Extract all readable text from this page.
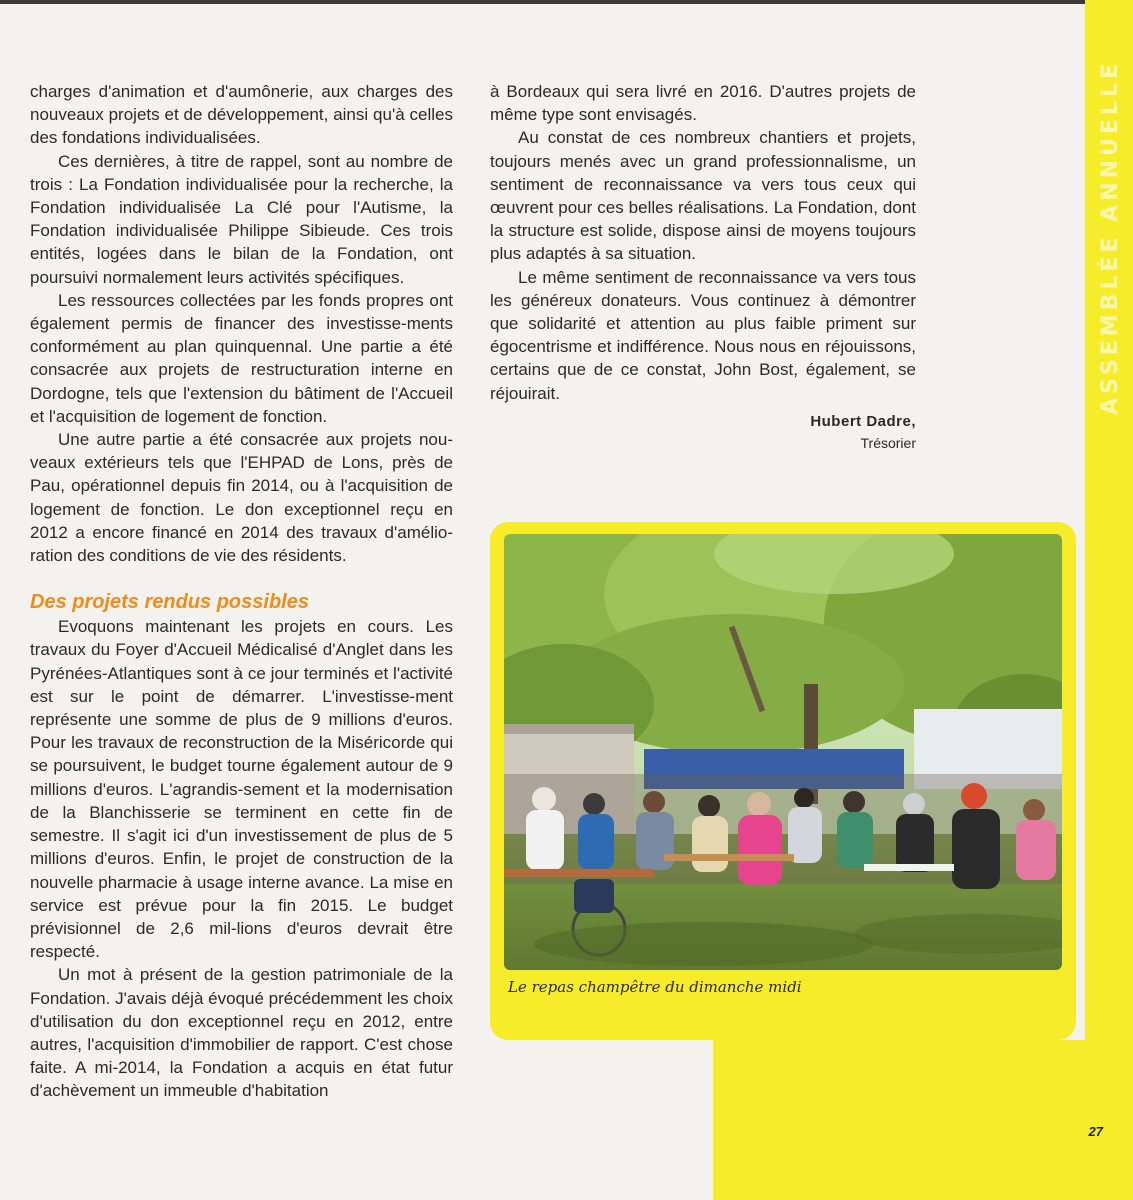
ASSEMBLÉE ANNUELLE

charges d'animation et d'aumônerie, aux charges des nouveaux projets et de développement, ainsi qu'à celles des fondations individualisées.

Ces dernières, à titre de rappel, sont au nombre de trois : La Fondation individualisée pour la recherche, la Fondation individualisée La Clé pour l'Autisme, la Fondation individualisée Philippe Sibieude. Ces trois entités, logées dans le bilan de la Fondation, ont poursuivi normalement leurs activités spécifiques.

Les ressources collectées par les fonds propres ont également permis de financer des investisse-ments conformément au plan quinquennal. Une partie a été consacrée aux projets de restructuration interne en Dordogne, tels que l'extension du bâtiment de l'Accueil et l'acquisition de logement de fonction.

Une autre partie a été consacrée aux projets nou-veaux extérieurs tels que l'EHPAD de Lons, près de Pau, opérationnel depuis fin 2014, ou à l'acquisition de logement de fonction. Le don exceptionnel reçu en 2012 a encore financé en 2014 des travaux d'amélio-ration des conditions de vie des résidents.

Des projets rendus possibles

Evoquons maintenant les projets en cours. Les travaux du Foyer d'Accueil Médicalisé d'Anglet dans les Pyrénées-Atlantiques sont à ce jour terminés et l'activité est sur le point de démarrer. L'investisse-ment représente une somme de plus de 9 millions d'euros. Pour les travaux de reconstruction de la Miséricorde qui se poursuivent, le budget tourne également autour de 9 millions d'euros. L'agrandis-sement et la modernisation de la Blanchisserie se terminent en cette fin de semestre. Il s'agit ici d'un investissement de plus de 5 millions d'euros. Enfin, le projet de construction de la nouvelle pharmacie à usage interne avance. La mise en service est prévue pour la fin 2015. Le budget prévisionnel de 2,6 mil-lions d'euros devrait être respecté.

Un mot à présent de la gestion patrimoniale de la Fondation. J'avais déjà évoqué précédemment les choix d'utilisation du don exceptionnel reçu en 2012, entre autres, l'acquisition d'immobilier de rapport. C'est chose faite. A mi-2014, la Fondation a acquis en état futur d'achèvement un immeuble d'habitation

à Bordeaux qui sera livré en 2016. D'autres projets de même type sont envisagés.

Au constat de ces nombreux chantiers et projets, toujours menés avec un grand professionnalisme, un sentiment de reconnaissance va vers tous ceux qui œuvrent pour ces belles réalisations. La Fondation, dont la structure est solide, dispose ainsi de moyens toujours plus adaptés à sa situation.

Le même sentiment de reconnaissance va vers tous les généreux donateurs. Vous continuez à démontrer que solidarité et attention au plus faible priment sur égocentrisme et indifférence. Nous nous en réjouissons, certains que de ce constat, John Bost, également, se réjouirait.

Hubert Dadre,
Trésorier
Le repas champêtre du dimanche midi
27
